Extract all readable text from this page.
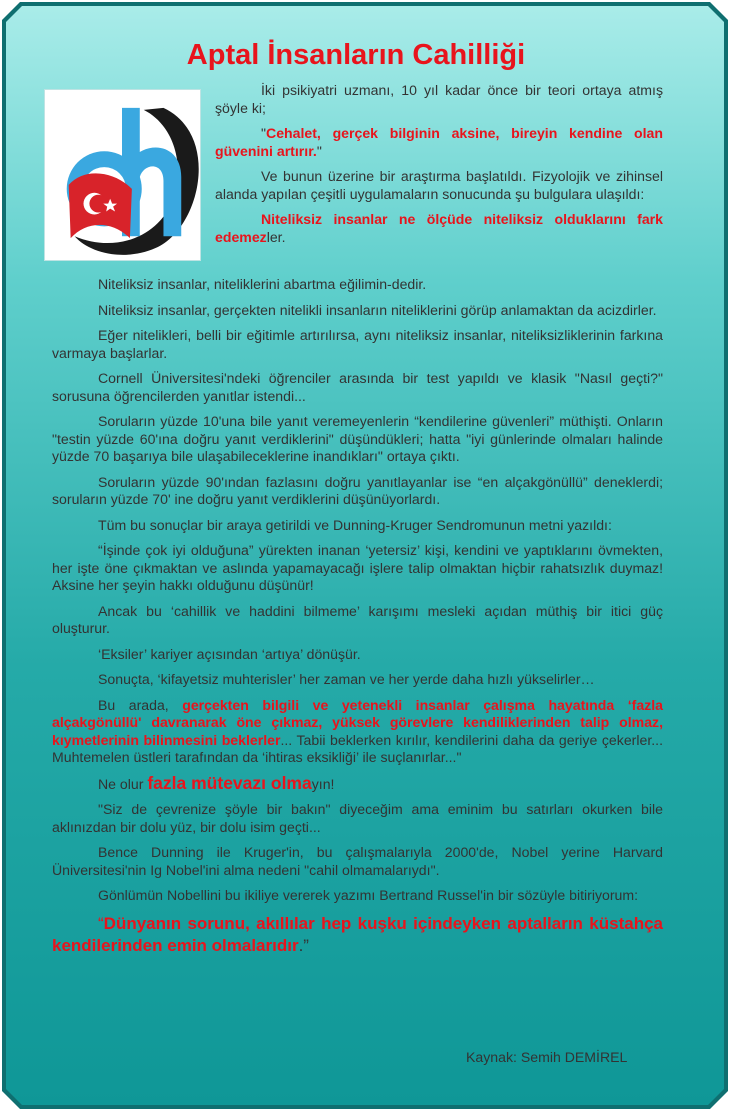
Aptal İnsanların Cahilliği

İki psikiyatri uzmanı, 10 yıl kadar önce bir teori ortaya atmış şöyle ki;

"Cehalet, gerçek bilginin aksine, bireyin kendine olan güvenini artırır."

Ve bunun üzerine bir araştırma başlatıldı. Fizyolojik ve zihinsel alanda yapılan çeşitli uygulamaların sonucunda şu bulgulara ulaşıldı:

Niteliksiz insanlar ne ölçüde niteliksiz olduklarını fark edemezler.

Niteliksiz insanlar, niteliklerini abartma eğilimin-dedir.

Niteliksiz insanlar, gerçekten nitelikli insanların niteliklerini görüp anlamaktan da acizdirler.

Eğer nitelikleri, belli bir eğitimle artırılırsa, aynı niteliksiz insanlar, niteliksizliklerinin farkına varmaya başlarlar.

Cornell Üniversitesi'ndeki öğrenciler arasında bir test yapıldı ve klasik "Nasıl geçti?" sorusuna öğrencilerden yanıtlar istendi...

Soruların yüzde 10'una bile yanıt veremeyenlerin “kendilerine güvenleri” müthişti. Onların "testin yüzde 60'ına doğru yanıt verdiklerini" düşündükleri; hatta "iyi günlerinde olmaları halinde yüzde 70 başarıya bile ulaşabileceklerine inandıkları" ortaya çıktı.

Soruların yüzde 90'ından fazlasını doğru yanıtlayanlar ise “en alçakgönüllü” deneklerdi; soruların yüzde 70' ine doğru yanıt verdiklerini düşünüyorlardı.

Tüm bu sonuçlar bir araya getirildi ve Dunning-Kruger Sendromunun metni yazıldı:

“İşinde çok iyi olduğuna” yürekten inanan ‘yetersiz’ kişi, kendini ve yaptıklarını övmekten, her işte öne çıkmaktan ve aslında yapamayacağı işlere talip olmaktan hiçbir rahatsızlık duymaz! Aksine her şeyin hakkı olduğunu düşünür!

Ancak bu ‘cahillik ve haddini bilmeme’ karışımı mesleki açıdan müthiş bir itici güç oluşturur.

‘Eksiler’ kariyer açısından ‘artıya’ dönüşür.

Sonuçta, ‘kifayetsiz muhterisler’ her zaman ve her yerde daha hızlı yükselirler…

Bu arada, gerçekten bilgili ve yetenekli insanlar çalışma hayatında ‘fazla alçakgönüllü' davranarak öne çıkmaz, yüksek görevlere kendiliklerinden talip olmaz, kıymetlerinin bilinmesini beklerler... Tabii beklerken kırılır, kendilerini daha da geriye çekerler... Muhtemelen üstleri tarafından da ‘ihtiras eksikliği’ ile suçlanırlar..."

Ne olur fazla mütevazı olmayın!

"Siz de çevrenize şöyle bir bakın" diyeceğim ama eminim bu satırları okurken bile aklınızdan bir dolu yüz, bir dolu isim geçti...

Bence Dunning ile Kruger'in, bu çalışmalarıyla 2000'de, Nobel yerine Harvard Üniversitesi'nin Ig Nobel'ini alma nedeni "cahil olmamalarıydı".

Gönlümün Nobellini bu ikiliye vererek yazımı Bertrand Russel'in bir sözüyle bitiriyorum:

“Dünyanın sorunu, akıllılar hep kuşku içindeyken aptalların küstahça kendilerinden emin olmalarıdır.”

Kaynak: Semih DEMİREL
